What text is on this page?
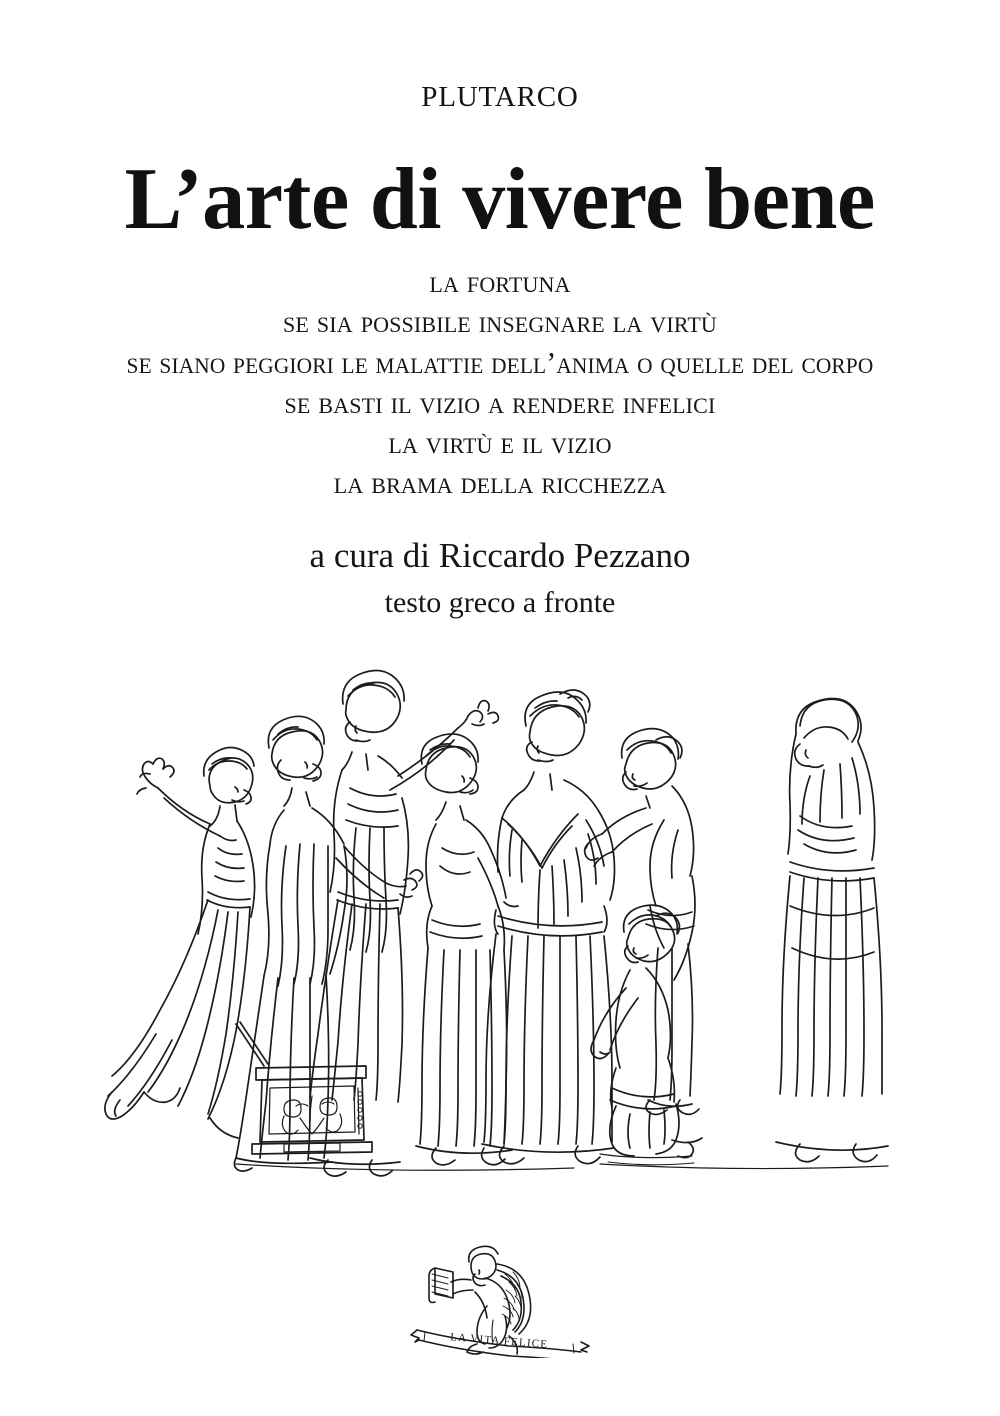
plutarco
L’arte di vivere bene
la fortuna
se sia possibile insegnare la virtù
se siano peggiori le malattie dell’anima o quelle del corpo
se basti il vizio a rendere infelici
la virtù e il vizio
la brama della ricchezza
a cura di Riccardo Pezzano
testo greco a fronte
LA VITA FELICE
